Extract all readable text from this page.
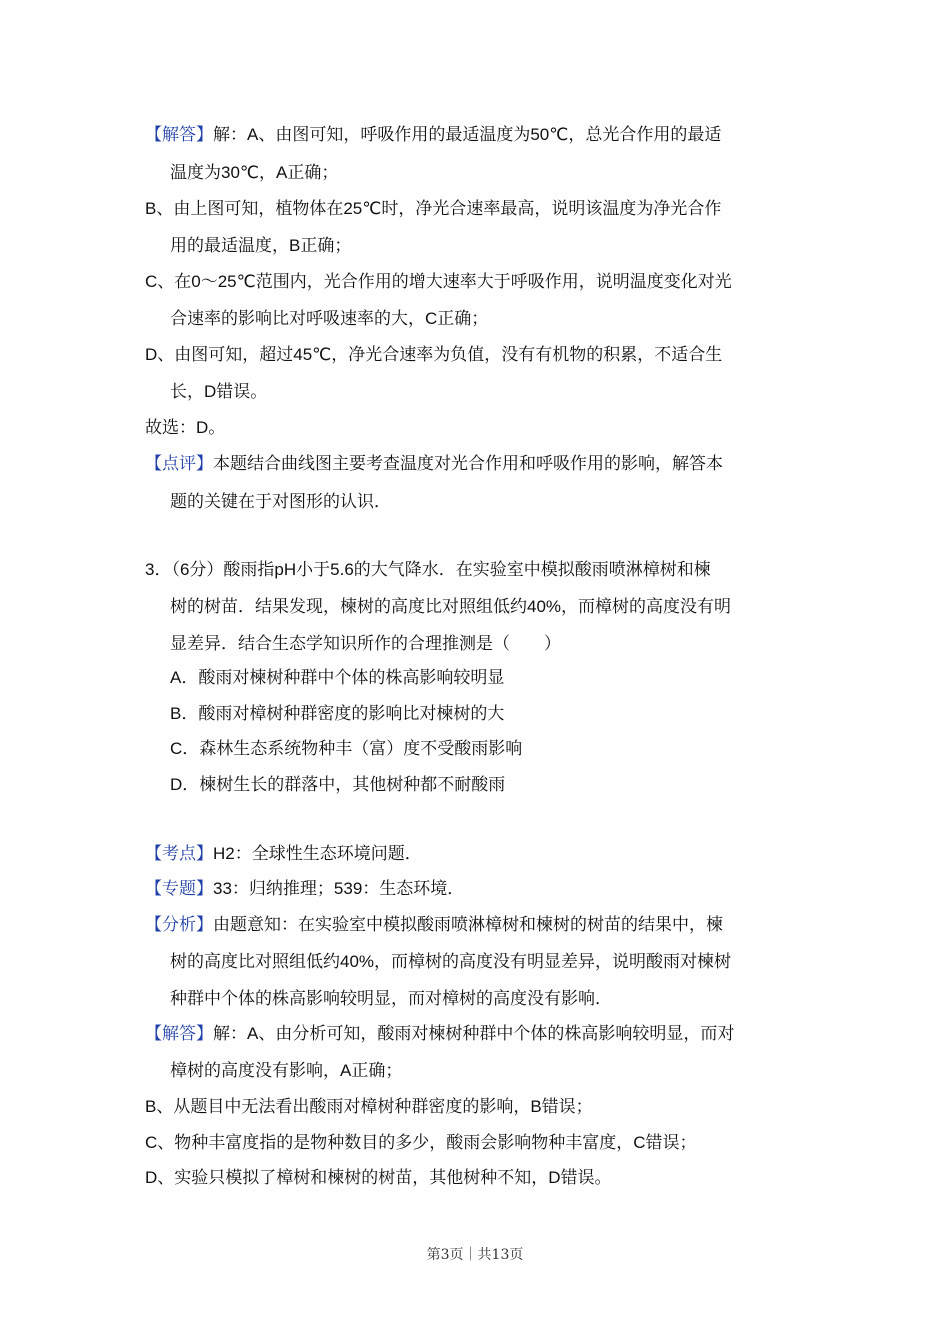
【解答】解：A、由图可知，呼吸作用的最适温度为50℃，总光合作用的最适
温度为30℃，A正确；
B、由上图可知，植物体在25℃时，净光合速率最高，说明该温度为净光合作
用的最适温度，B正确；
C、在0～25℃范围内，光合作用的增大速率大于呼吸作用，说明温度变化对光
合速率的影响比对呼吸速率的大，C正确；
D、由图可知，超过45℃，净光合速率为负值，没有有机物的积累，不适合生
长，D错误。
故选：D。
【点评】本题结合曲线图主要考查温度对光合作用和呼吸作用的影响，解答本
题的关键在于对图形的认识．
3．（6分）酸雨指pH小于5.6的大气降水．在实验室中模拟酸雨喷淋樟树和楝
树的树苗．结果发现，楝树的高度比对照组低约40%，而樟树的高度没有明
显差异．结合生态学知识所作的合理推测是（　　）
A．酸雨对楝树种群中个体的株高影响较明显
B．酸雨对樟树种群密度的影响比对楝树的大
C．森林生态系统物种丰（富）度不受酸雨影响
D．楝树生长的群落中，其他树种都不耐酸雨
【考点】H2：全球性生态环境问题．
【专题】33：归纳推理；539：生态环境．
【分析】由题意知：在实验室中模拟酸雨喷淋樟树和楝树的树苗的结果中，楝
树的高度比对照组低约40%，而樟树的高度没有明显差异，说明酸雨对楝树
种群中个体的株高影响较明显，而对樟树的高度没有影响．
【解答】解：A、由分析可知，酸雨对楝树种群中个体的株高影响较明显，而对
樟树的高度没有影响，A正确；
B、从题目中无法看出酸雨对樟树种群密度的影响，B错误；
C、物种丰富度指的是物种数目的多少，酸雨会影响物种丰富度，C错误；
D、实验只模拟了樟树和楝树的树苗，其他树种不知，D错误。
第3页｜共13页
